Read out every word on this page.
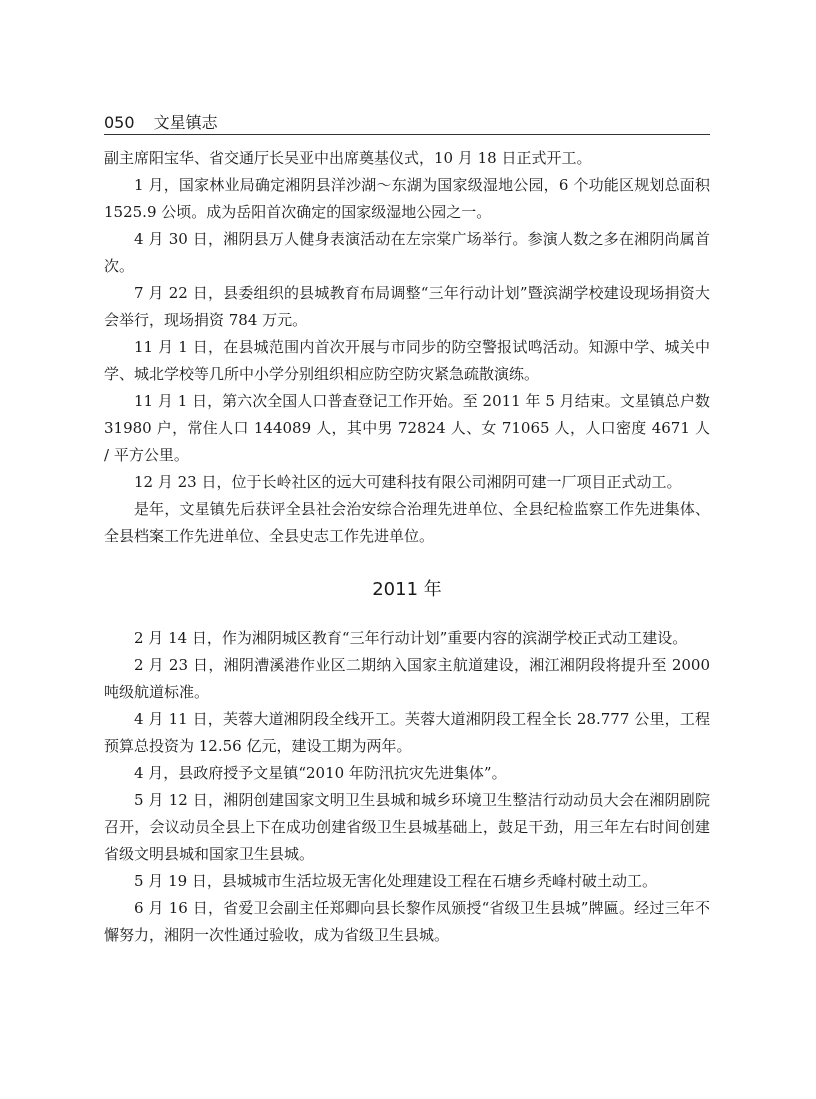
050 文星镇志

副主席阳宝华、省交通厅长吴亚中出席奠基仪式，10 月 18 日正式开工。

1 月，国家林业局确定湘阴县洋沙湖～东湖为国家级湿地公园，6 个功能区规划总面积 1525.9 公顷。成为岳阳首次确定的国家级湿地公园之一。

4 月 30 日，湘阴县万人健身表演活动在左宗棠广场举行。参演人数之多在湘阴尚属首次。

7 月 22 日，县委组织的县城教育布局调整“三年行动计划”暨滨湖学校建设现场捐资大会举行，现场捐资 784 万元。

11 月 1 日，在县城范围内首次开展与市同步的防空警报试鸣活动。知源中学、城关中学、城北学校等几所中小学分别组织相应防空防灾紧急疏散演练。

11 月 1 日，第六次全国人口普查登记工作开始。至 2011 年 5 月结束。文星镇总户数 31980 户，常住人口 144089 人，其中男 72824 人、女 71065 人，人口密度 4671 人 / 平方公里。

12 月 23 日，位于长岭社区的远大可建科技有限公司湘阴可建一厂项目正式动工。

是年，文星镇先后获评全县社会治安综合治理先进单位、全县纪检监察工作先进集体、全县档案工作先进单位、全县史志工作先进单位。

2011 年

2 月 14 日，作为湘阴城区教育“三年行动计划”重要内容的滨湖学校正式动工建设。

2 月 23 日，湘阴漕溪港作业区二期纳入国家主航道建设，湘江湘阴段将提升至 2000 吨级航道标准。

4 月 11 日，芙蓉大道湘阴段全线开工。芙蓉大道湘阴段工程全长 28.777 公里，工程预算总投资为 12.56 亿元，建设工期为两年。

4 月，县政府授予文星镇“2010 年防汛抗灾先进集体”。

5 月 12 日，湘阴创建国家文明卫生县城和城乡环境卫生整洁行动动员大会在湘阴剧院召开，会议动员全县上下在成功创建省级卫生县城基础上，鼓足干劲，用三年左右时间创建省级文明县城和国家卫生县城。

5 月 19 日，县城城市生活垃圾无害化处理建设工程在石塘乡秃峰村破土动工。

6 月 16 日，省爱卫会副主任郑卿向县长黎作凤颁授“省级卫生县城”牌匾。经过三年不懈努力，湘阴一次性通过验收，成为省级卫生县城。
